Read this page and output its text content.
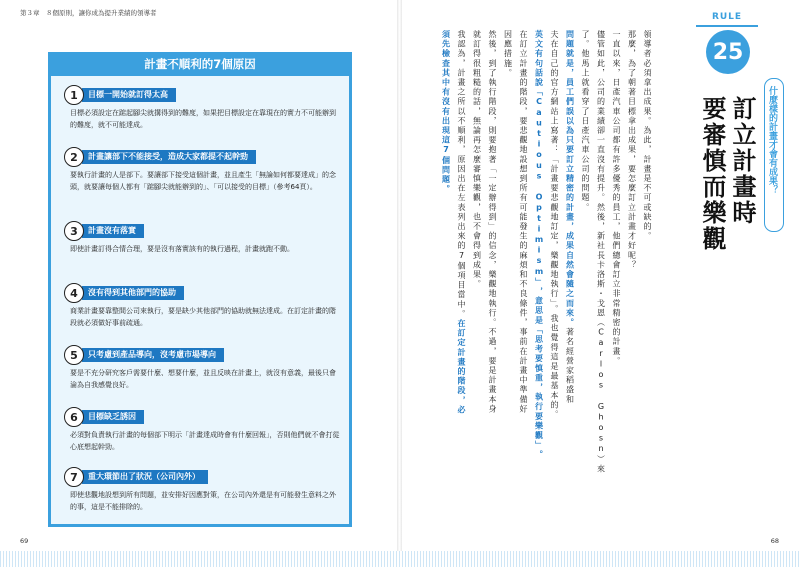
第３章　８個原則，讓你成為提升業績的領導者
計畫不順利的7個原因
1	目標一開始就訂得太高
目標必須設定在踮起腳尖就搆得到的難度，如果把目標設定在靠現在的實力不可能辦到的難度，就不可能達成。
2	計畫讓部下不能接受，造成大家都提不起幹勁
要執行計畫的人是部下。要讓部下接受這個計畫，並且產生「無論如何都要達成」的念頭，就要讓每個人都有「踮腳尖就能辦到的」、「可以接受的目標」（參考64頁）。
3	計畫沒有落實
即使計畫訂得合情合理，要是沒有落實該有的執行過程，計畫就跑不動。
4	沒有得到其他部門的協助
商業計畫要靠整間公司來執行，要是缺少其他部門的協助就無法達成。在訂定計畫的階段就必須做好事前疏通。
5	只考慮到產品導向，沒考慮市場導向
要是不充分研究客戶需要什麼、想要什麼，並且反映在計畫上，就沒有意義，最後只會淪為自我感覺良好。
6	目標缺乏誘因
必須對負責執行計畫的每個部下明示「計畫達成時會有什麼回報」，否則他們就不會打從心底想起幹勁。
7	重大環節出了狀況（公司內外）
即使悲觀地設想到所有問題，並安排好因應對策，在公司內外還是有可能發生意料之外的事，這是不能排除的。
RULE
25
什麼樣的計畫才會有成果？
訂立計畫時
要審慎而樂觀

領導者必須拿出成果。為此，計畫是不可或缺的。

那麼，為了朝著目標拿出成果，要怎麼訂立計畫才好呢？

一直以來，日產汽車公司都有許多優秀的員工，他們總會訂立非常精密的計畫。

儘管如此，公司的業績卻一直沒有提升。然後，新社長卡洛斯・戈恩（Carlos Ghosn）來

了。他馬上就看穿了日產汽車公司的問題。

問題就是，員工們誤以為只要訂立精密的計畫，成果自然會隨之而來。著名經營家稻盛和

夫在自己的官方網站上寫著：「計畫要悲觀地訂定，樂觀地執行」。我也覺得這是最基本的。

英文有句話說「Cautious Optimism」，意思是「思考要慎重，執行要樂觀」。

在訂立計畫的階段，要悲觀地設想到所有可能發生的麻煩和不良條件，事前在計畫中準備好

因應措施。

然後，到了執行階段，則要抱著「一定辦得到」的信念，樂觀地執行。不過，要是計畫本身

就訂得很粗糙的話，無論再怎麼審慎樂觀，也不會得到成果。

我認為，計畫之所以不順利，原因出在左表列出來的7個項目當中。在訂定計畫的階段，必

須先檢查其中有沒有出現這7個問題。

69	68
